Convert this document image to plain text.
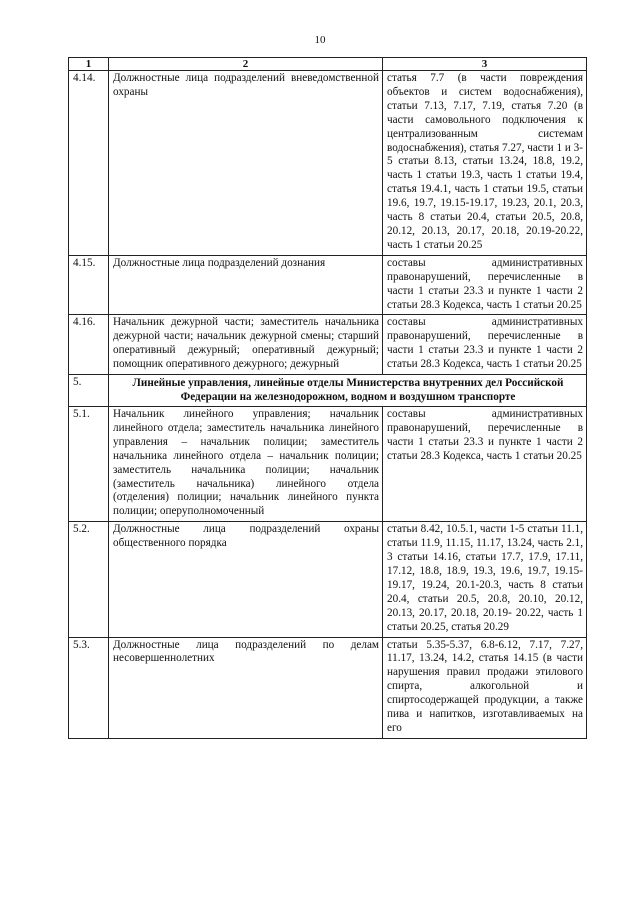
10
1	2	3
4.14.	Должностные лица подразделений вневедомственной охраны	статья 7.7 (в части повреждения объектов и систем водоснабжения), статьи 7.13, 7.17, 7.19, статья 7.20 (в части самовольного подключения к централизованным системам водоснабжения), статья 7.27, части 1 и 3-5 статьи 8.13, статьи 13.24, 18.8, 19.2, часть 1 статьи 19.3, часть 1 статьи 19.4, статья 19.4.1, часть 1 статьи 19.5, статьи 19.6, 19.7, 19.15-19.17, 19.23, 20.1, 20.3, часть 8 статьи 20.4, статьи 20.5, 20.8, 20.12, 20.13, 20.17, 20.18, 20.19-20.22, часть 1 статьи 20.25
4.15.	Должностные лица подразделений дознания	составы административных правонарушений, перечисленные в части 1 статьи 23.3 и пункте 1 части 2 статьи 28.3 Кодекса, часть 1 статьи 20.25
4.16.	Начальник дежурной части; заместитель начальника дежурной части; начальник дежурной смены; старший оперативный дежурный; оперативный дежурный; помощник оперативного дежурного; дежурный	составы административных правонарушений, перечисленные в части 1 статьи 23.3 и пункте 1 части 2 статьи 28.3 Кодекса, часть 1 статьи 20.25
5.	Линейные управления, линейные отделы Министерства внутренних дел Российской Федерации на железнодорожном, водном и воздушном транспорте	
5.1.	Начальник линейного управления; начальник линейного отдела; заместитель начальника линейного управления – начальник полиции; заместитель начальника линейного отдела – начальник полиции; заместитель начальника полиции; начальник (заместитель начальника) линейного отдела (отделения) полиции; начальник линейного пункта полиции; оперуполномоченный	составы административных правонарушений, перечисленные в части 1 статьи 23.3 и пункте 1 части 2 статьи 28.3 Кодекса, часть 1 статьи 20.25
5.2.	Должностные лица подразделений охраны общественного порядка	статьи 8.42, 10.5.1, части 1-5 статьи 11.1, статьи 11.9, 11.15, 11.17, 13.24, часть 2.1, 3 статьи 14.16, статьи 17.7, 17.9, 17.11, 17.12, 18.8, 18.9, 19.3, 19.6, 19.7, 19.15-19.17, 19.24, 20.1-20.3, часть 8 статьи 20.4, статьи 20.5, 20.8, 20.10, 20.12, 20.13, 20.17, 20.18, 20.19- 20.22, часть 1 статьи 20.25, статья 20.29
5.3.	Должностные лица подразделений по делам несовершеннолетних	статьи 5.35-5.37, 6.8-6.12, 7.17, 7.27, 11.17, 13.24, 14.2, статья 14.15 (в части нарушения правил продажи этилового спирта, алкогольной и спиртосодержащей продукции, а также пива и напитков, изготавливаемых на его
